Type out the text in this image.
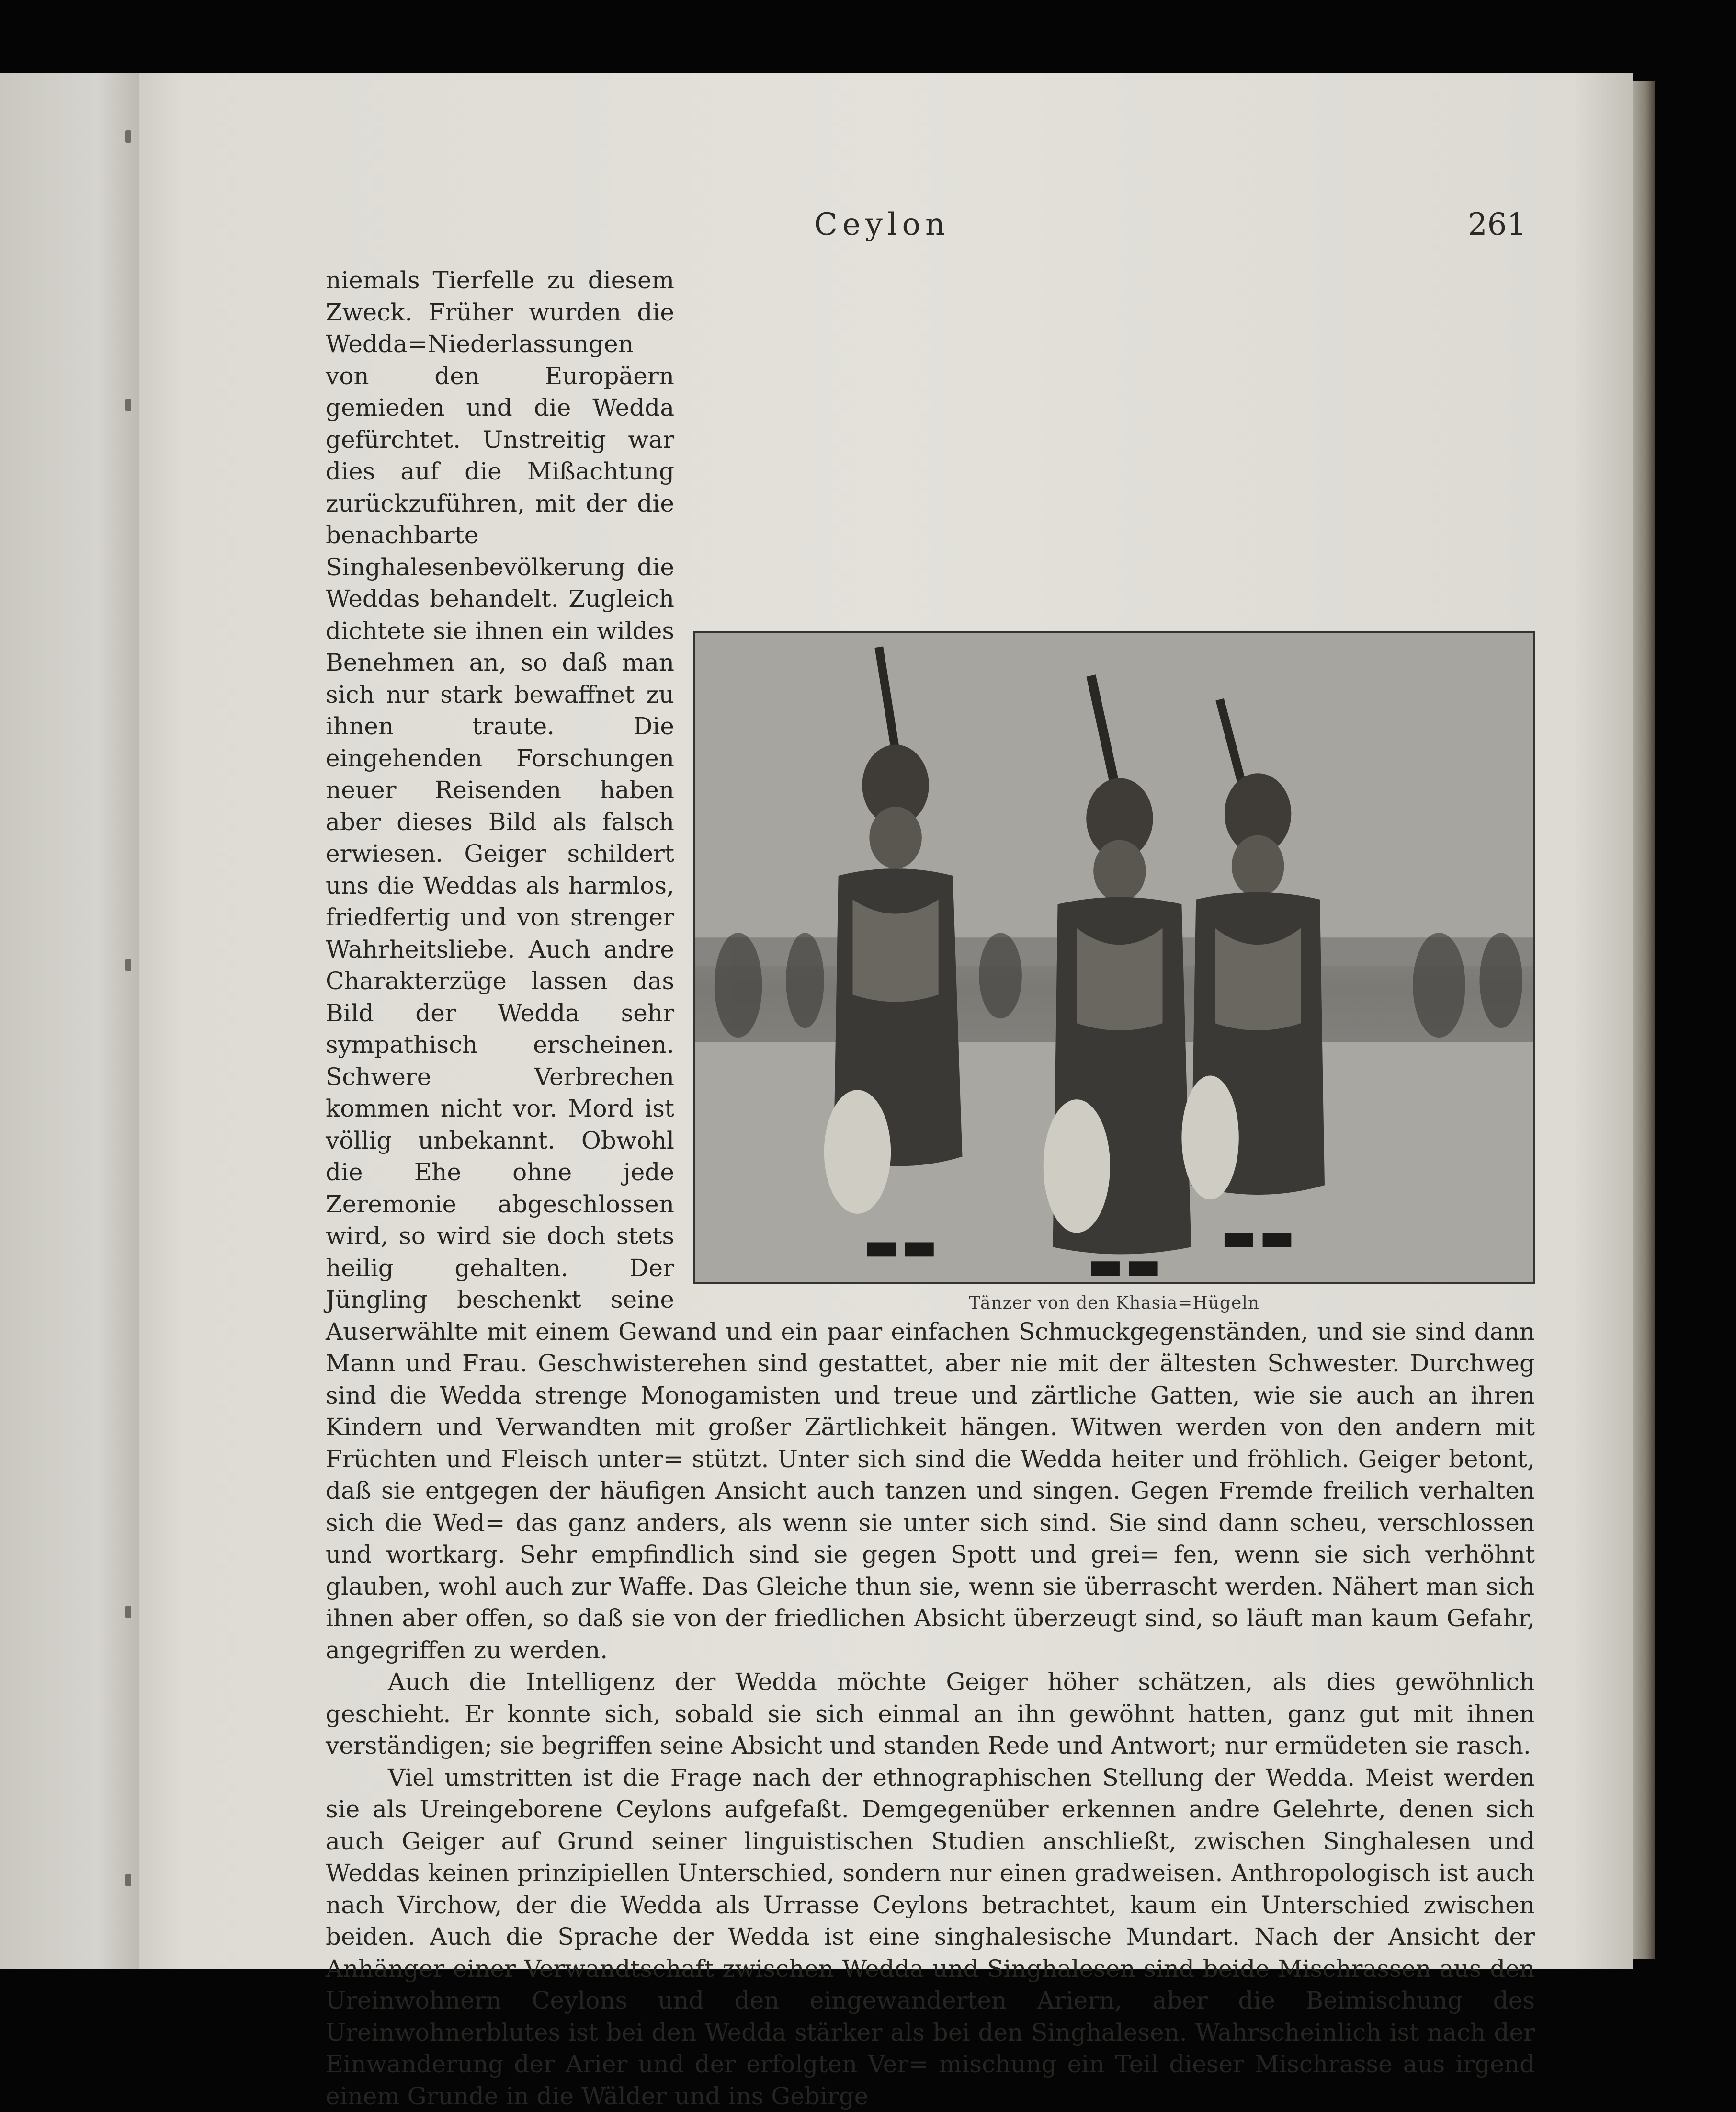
Ceylon	261
Tänzer von den Khasia=Hügeln

niemals Tierfelle zu diesem Zweck. Früher wurden die Wedda=Niederlassungen von den Europäern gemieden und die Wedda gefürchtet. Unstreitig war dies auf die Mißachtung zurückzuführen, mit der die benachbarte Singhalesenbevölkerung die Weddas behandelt. Zugleich dichtete sie ihnen ein wildes Benehmen an, so daß man sich nur stark bewaffnet zu ihnen traute. Die eingehenden Forschungen neuer Reisenden haben aber dieses Bild als falsch erwiesen. Geiger schildert uns die Weddas als harmlos, friedfertig und von strenger Wahrheitsliebe. Auch andre Charakterzüge lassen das Bild der Wedda sehr sympathisch erscheinen. Schwere Verbrechen kommen nicht vor. Mord ist völlig unbekannt. Obwohl die Ehe ohne jede Zeremonie abgeschlossen wird, so wird sie doch stets heilig gehalten. Der Jüngling beschenkt seine Auserwählte mit einem Gewand und ein paar einfachen Schmuckgegenständen, und sie sind dann Mann und Frau. Geschwisterehen sind gestattet, aber nie mit der ältesten Schwester. Durchweg sind die Wedda strenge Monogamisten und treue und zärtliche Gatten, wie sie auch an ihren Kindern und Verwandten mit großer Zärtlichkeit hängen. Witwen werden von den andern mit Früchten und Fleisch unter= stützt. Unter sich sind die Wedda heiter und fröhlich. Geiger betont, daß sie entgegen der häufigen Ansicht auch tanzen und singen. Gegen Fremde freilich verhalten sich die Wed= das ganz anders, als wenn sie unter sich sind. Sie sind dann scheu, verschlossen und wortkarg. Sehr empfindlich sind sie gegen Spott und grei= fen, wenn sie sich verhöhnt glauben, wohl auch zur Waffe. Das Gleiche thun sie, wenn sie überrascht werden. Nähert man sich ihnen aber offen, so daß sie von der friedlichen Absicht überzeugt sind, so läuft man kaum Gefahr, angegriffen zu werden.

Auch die Intelligenz der Wedda möchte Geiger höher schätzen, als dies gewöhnlich geschieht. Er konnte sich, sobald sie sich einmal an ihn gewöhnt hatten, ganz gut mit ihnen verständigen; sie begriffen seine Absicht und standen Rede und Antwort; nur ermüdeten sie rasch.

Viel umstritten ist die Frage nach der ethnographischen Stellung der Wedda. Meist werden sie als Ureingeborene Ceylons aufgefaßt. Demgegenüber erkennen andre Gelehrte, denen sich auch Geiger auf Grund seiner linguistischen Studien anschließt, zwischen Singhalesen und Weddas keinen prinzipiellen Unterschied, sondern nur einen gradweisen. Anthropologisch ist auch nach Virchow, der die Wedda als Urrasse Ceylons betrachtet, kaum ein Unterschied zwischen beiden. Auch die Sprache der Wedda ist eine singhalesische Mundart. Nach der Ansicht der Anhänger einer Verwandtschaft zwischen Wedda und Singhalesen sind beide Mischrassen aus den Ureinwohnern Ceylons und den eingewanderten Ariern, aber die Beimischung des Ureinwohnerblutes ist bei den Wedda stärker als bei den Singhalesen. Wahrscheinlich ist nach der Einwanderung der Arier und der erfolgten Ver= mischung ein Teil dieser Mischrasse aus irgend einem Grunde in die Wälder und ins Gebirge
